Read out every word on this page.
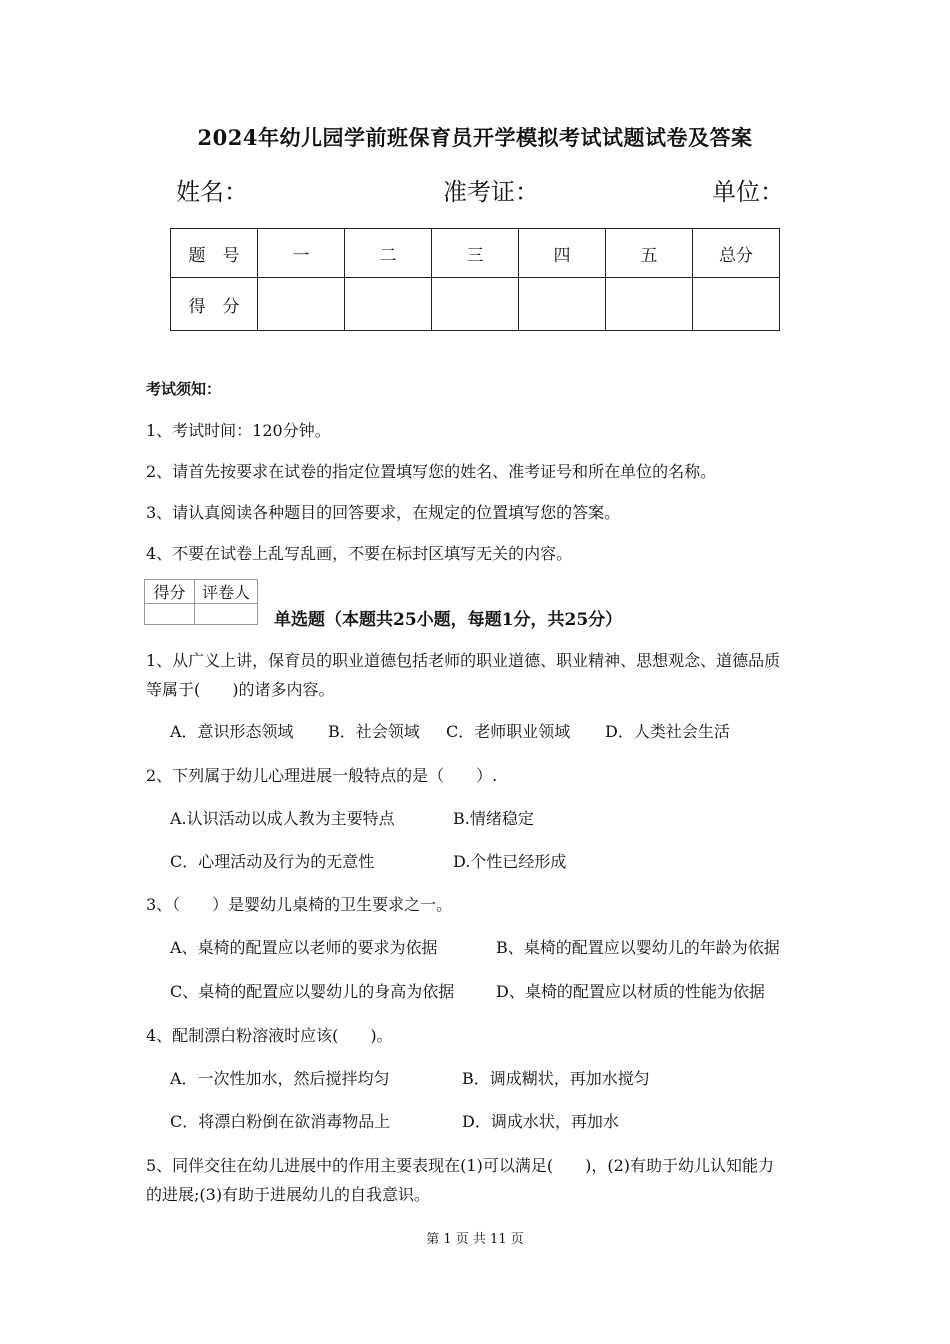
2024年幼儿园学前班保育员开学模拟考试试题试卷及答案
姓名：	准考证：	单位：
题　号	一	二	三	四	五	总分
得　分						
考试须知：
1、考试时间：120分钟。
2、请首先按要求在试卷的指定位置填写您的姓名、准考证号和所在单位的名称。
3、请认真阅读各种题目的回答要求，在规定的位置填写您的答案。
4、不要在试卷上乱写乱画，不要在标封区填写无关的内容。
得分	评卷人

单选题（本题共25小题，每题1分，共25分）
1、从广义上讲，保育员的职业道德包括老师的职业道德、职业精神、思想观念、道德品质
等属于(　　)的诸多内容。
A．意识形态领域 B．社会领域 C．老师职业领域 D．人类社会生活
2、下列属于幼儿心理进展一般特点的是（　　）.
A.认识活动以成人教为主要特点	B.情绪稳定
C．心理活动及行为的无意性	D.个性已经形成
3、（　　）是婴幼儿桌椅的卫生要求之一。
A、桌椅的配置应以老师的要求为依据	B、桌椅的配置应以婴幼儿的年龄为依据
C、桌椅的配置应以婴幼儿的身高为依据	D、桌椅的配置应以材质的性能为依据
4、配制漂白粉溶液时应该(　　)。
A．一次性加水，然后搅拌均匀	B．调成糊状，再加水搅匀
C．将漂白粉倒在欲消毒物品上	D．调成水状，再加水
5、同伴交往在幼儿进展中的作用主要表现在(1)可以满足(　　)，(2)有助于幼儿认知能力
的进展;(3)有助于进展幼儿的自我意识。
第 1 页 共 11 页
